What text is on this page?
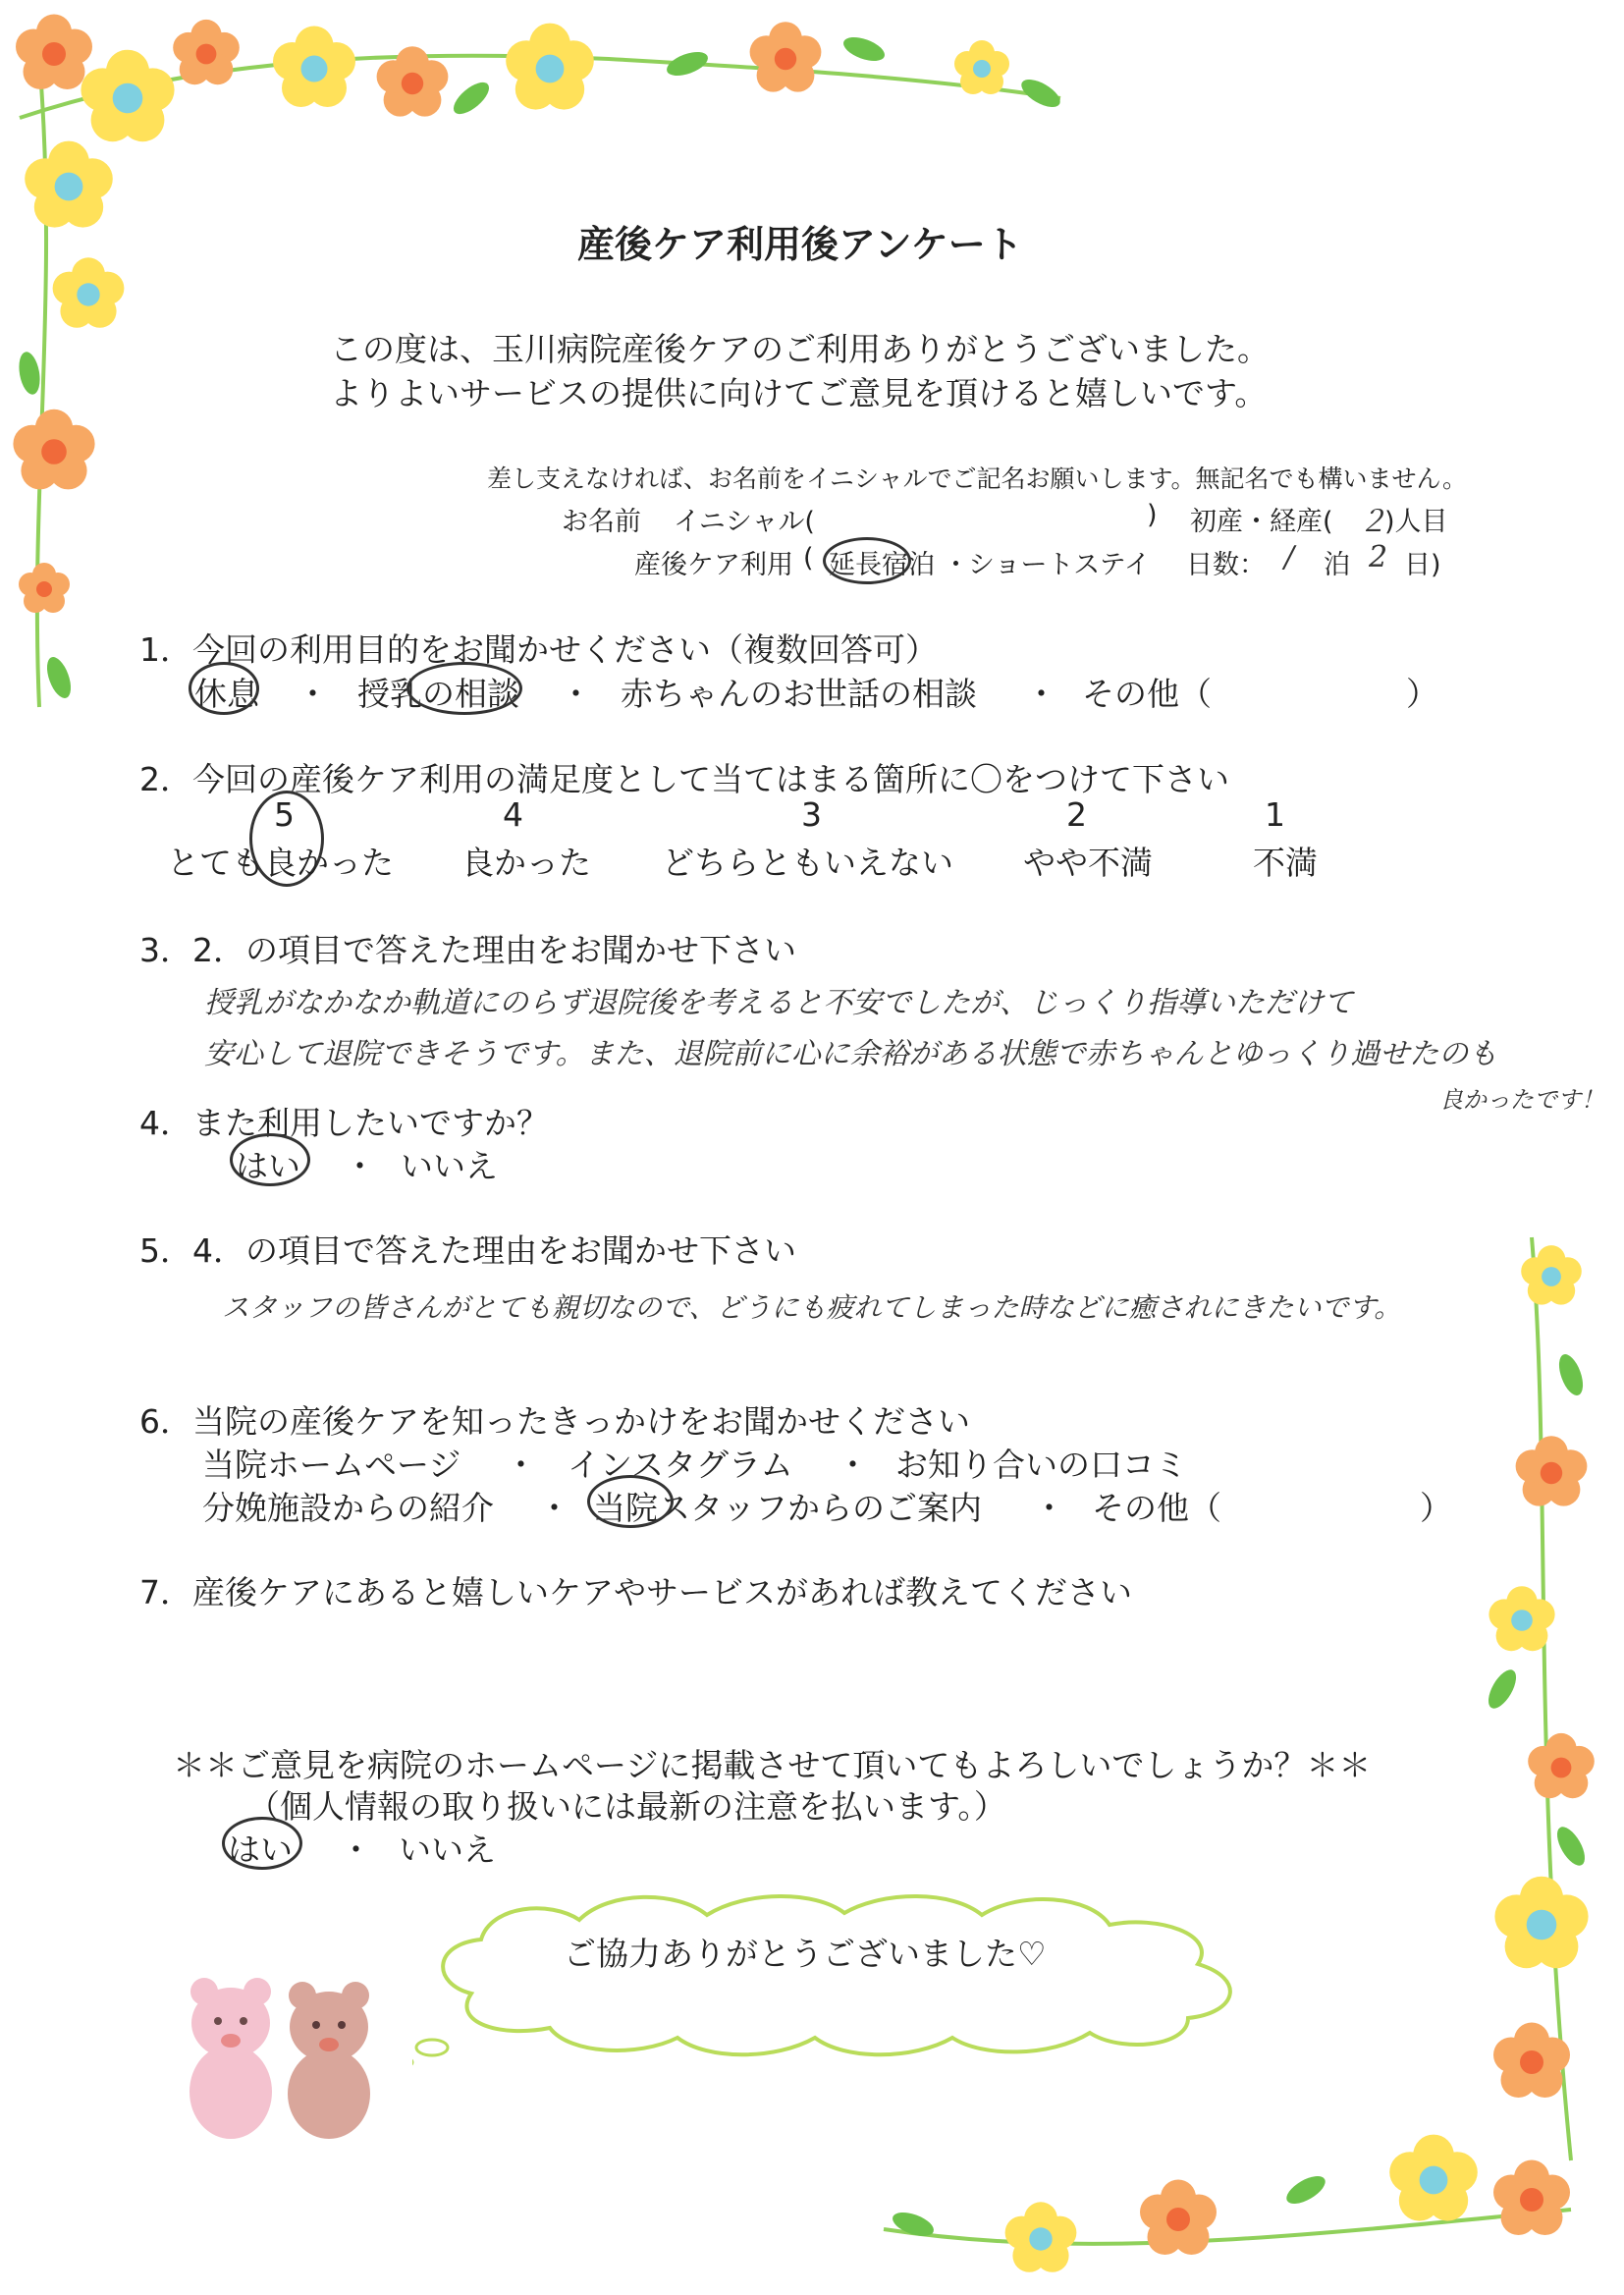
産後ケア利用後アンケート
この度は、玉川病院産後ケアのご利用ありがとうございました。
よりよいサービスの提供に向けてご意見を頂けると嬉しいです。
差し支えなければ、お名前をイニシャルでご記名お願いします。無記名でも構いません。
お名前 イニシャル(	) 初産・経産( ２
)人目
産後ケア利用 ( 延長宿泊 ・ ショートステイ 日数： / 泊 2 日)
1．今回の利用目的をお聞かせください（複数回答可）
休息 ・ 授乳の相談 ・ 赤ちゃんのお世話の相談 ・ その他（	）
2．今回の産後ケア利用の満足度として当てはまる箇所に〇をつけて下さい
5	4	3	2	1
とても良かった 良かった どちらともいえない やや不満	不満
3．2．の項目で答えた理由をお聞かせ下さい
授乳がなかなか軌道にのらず退院後を考えると不安でしたが、じっくり指導いただけて
安心して退院できそうです。また、退院前に心に余裕がある状態で赤ちゃんとゆっくり過せたのも
良かったです！
4．また利用したいですか？
はい ・ いいえ
5．4．の項目で答えた理由をお聞かせ下さい
スタッフの皆さんがとても親切なので、どうにも疲れてしまった時などに癒されにきたいです。
6．当院の産後ケアを知ったきっかけをお聞かせください
当院ホームページ ・ インスタグラム ・ お知り合いの口コミ
分娩施設からの紹介 ・ 当院スタッフからのご案内 ・ その他（	）
7．産後ケアにあると嬉しいケアやサービスがあれば教えてください
＊＊ご意見を病院のホームページに掲載させて頂いてもよろしいでしょうか？＊＊
（個人情報の取り扱いには最新の注意を払います。）
はい ・ いいえ
ご協力ありがとうございました♡
